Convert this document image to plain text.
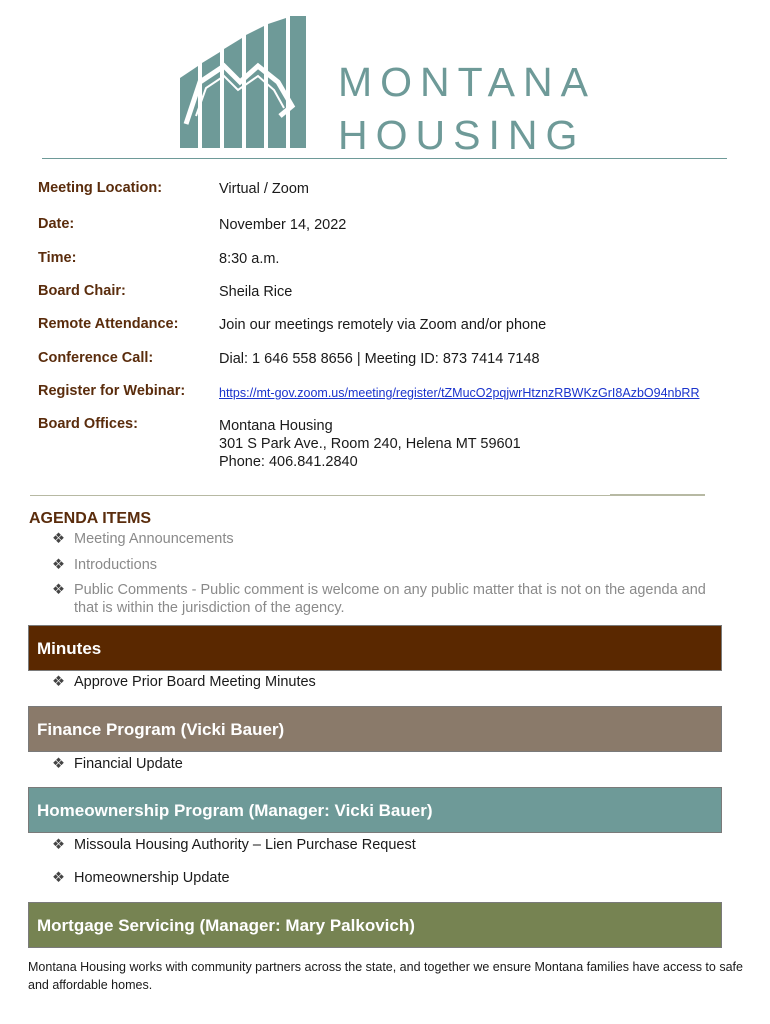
MONTANA
HOUSING
Meeting Location:	Virtual / Zoom
Date:	November 14, 2022
Time:	8:30 a.m.
Board Chair:	Sheila Rice
Remote Attendance:	Join our meetings remotely via Zoom and/or phone
Conference Call:	Dial: 1 646 558 8656 | Meeting ID: 873 7414 7148
Register for Webinar:	https://mt-gov.zoom.us/meeting/register/tZMucO2pqjwrHtznzRBWKzGrI8AzbO94nbRR
Board Offices:	Montana Housing
301 S Park Ave., Room 240, Helena MT 59601
Phone: 406.841.2840
AGENDA ITEMS
❖ Meeting Announcements
❖ Introductions
❖ Public Comments - Public comment is welcome on any public matter that is not on the agenda and that is within the jurisdiction of the agency.
Minutes
❖ Approve Prior Board Meeting Minutes
Finance Program (Vicki Bauer)
❖ Financial Update
Homeownership Program (Manager: Vicki Bauer)
❖ Missoula Housing Authority – Lien Purchase Request
❖ Homeownership Update
Mortgage Servicing (Manager: Mary Palkovich)
Montana Housing works with community partners across the state, and together we ensure Montana families have access to safe and affordable homes.
